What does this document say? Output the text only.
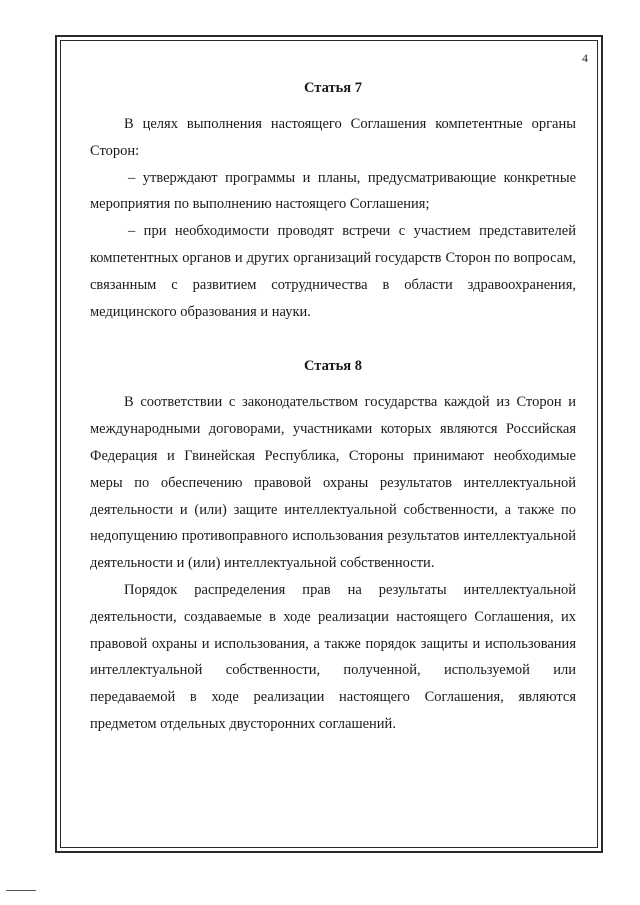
4

Статья 7

В целях выполнения настоящего Соглашения компетентные органы Сторон:

– утверждают программы и планы, предусматривающие конкретные мероприятия по выполнению настоящего Соглашения;

– при необходимости проводят встречи с участием представителей компетентных органов и других организаций государств Сторон по вопросам, связанным с развитием сотрудничества в области здравоохранения, медицинского образования и науки.

Статья 8

В соответствии с законодательством государства каждой из Сторон и международными договорами, участниками которых являются Российская Федерация и Гвинейская Республика, Стороны принимают необходимые меры по обеспечению правовой охраны результатов интеллектуальной деятельности и (или) защите интеллектуальной собственности, а также по недопущению противоправного использования результатов интеллектуальной деятельности и (или) интеллектуальной собственности.

Порядок распределения прав на результаты интеллектуальной деятельности, создаваемые в ходе реализации настоящего Соглашения, их правовой охраны и использования, а также порядок защиты и использования интеллектуальной собственности, полученной, используемой или передаваемой в ходе реализации настоящего Соглашения, являются предметом отдельных двусторонних соглашений.
